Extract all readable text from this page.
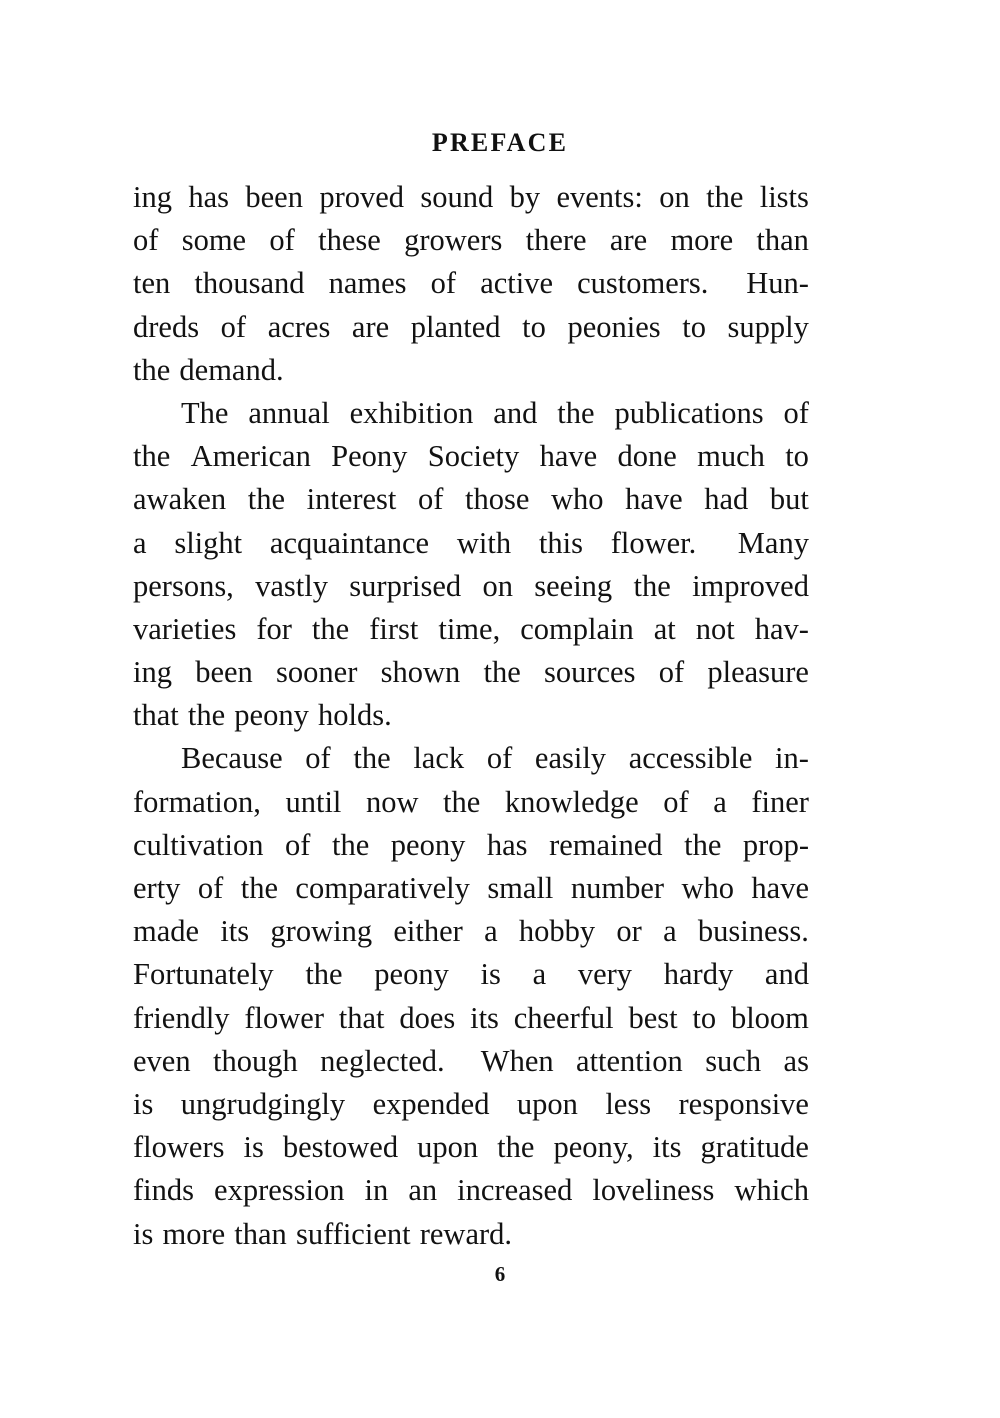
PREFACE
ing has been proved sound by events: on the lists
of some of these growers there are more than
ten thousand names of active customers. Hun-
dreds of acres are planted to peonies to supply
the demand.
The annual exhibition and the publications of
the American Peony Society have done much to
awaken the interest of those who have had but
a slight acquaintance with this flower. Many
persons, vastly surprised on seeing the improved
varieties for the first time, complain at not hav-
ing been sooner shown the sources of pleasure
that the peony holds.
Because of the lack of easily accessible in-
formation, until now the knowledge of a finer
cultivation of the peony has remained the prop-
erty of the comparatively small number who have
made its growing either a hobby or a business.
Fortunately the peony is a very hardy and
friendly flower that does its cheerful best to bloom
even though neglected. When attention such as
is ungrudgingly expended upon less responsive
flowers is bestowed upon the peony, its gratitude
finds expression in an increased loveliness which
is more than sufficient reward.
6
